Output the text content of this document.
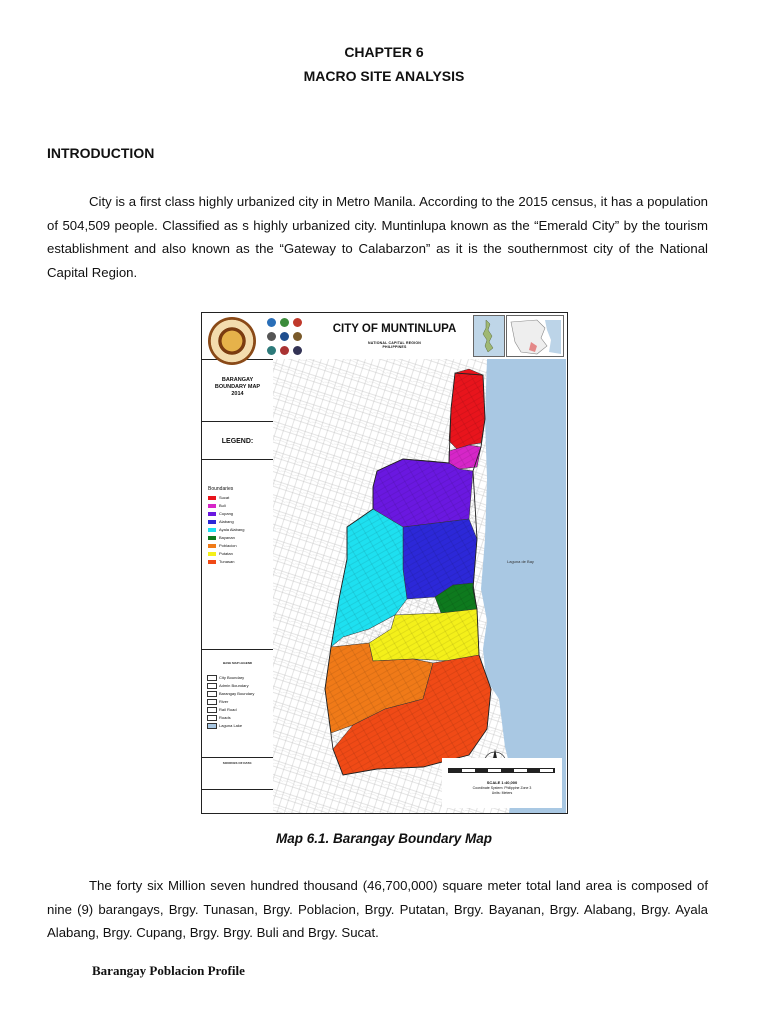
CHAPTER 6
MACRO SITE ANALYSIS
INTRODUCTION
City is a first class highly urbanized city in Metro Manila. According to the 2015 census, it has a population of 504,509 people. Classified as s highly urbanized city. Muntinlupa known as the “Emerald City” by the tourism establishment and also known as the “Gateway to Calabarzon” as it is the southernmost city of the National Capital Region.
CITY OF MUNTINLUPA
NATIONAL CAPITAL REGION
PHILIPPINES
BARANGAY
BOUNDARY MAP
2014
LEGEND:
Boundaries
Sucat
Buli
Cupang
Alabang
Ayala Alabang
Bayanan
Poblacion
Putatan
Tunasan
BASE MAP LEGEND
City Boundary
Admin Boundary
Barangay Boundary
River
Rail Road
Roads
Laguna Lake
SOURCES OF DATA:
Laguna de Bay
SCALE 1:40,000
Coordinate System: Philippine Zone 3
Units: Meters
Map 6.1. Barangay Boundary Map
The forty six Million seven hundred thousand (46,700,000) square meter total land area is composed of nine (9) barangays, Brgy. Tunasan, Brgy. Poblacion, Brgy. Putatan, Brgy. Bayanan, Brgy. Alabang, Brgy. Ayala Alabang, Brgy. Cupang, Brgy. Brgy. Buli and Brgy. Sucat.
Barangay Poblacion Profile
